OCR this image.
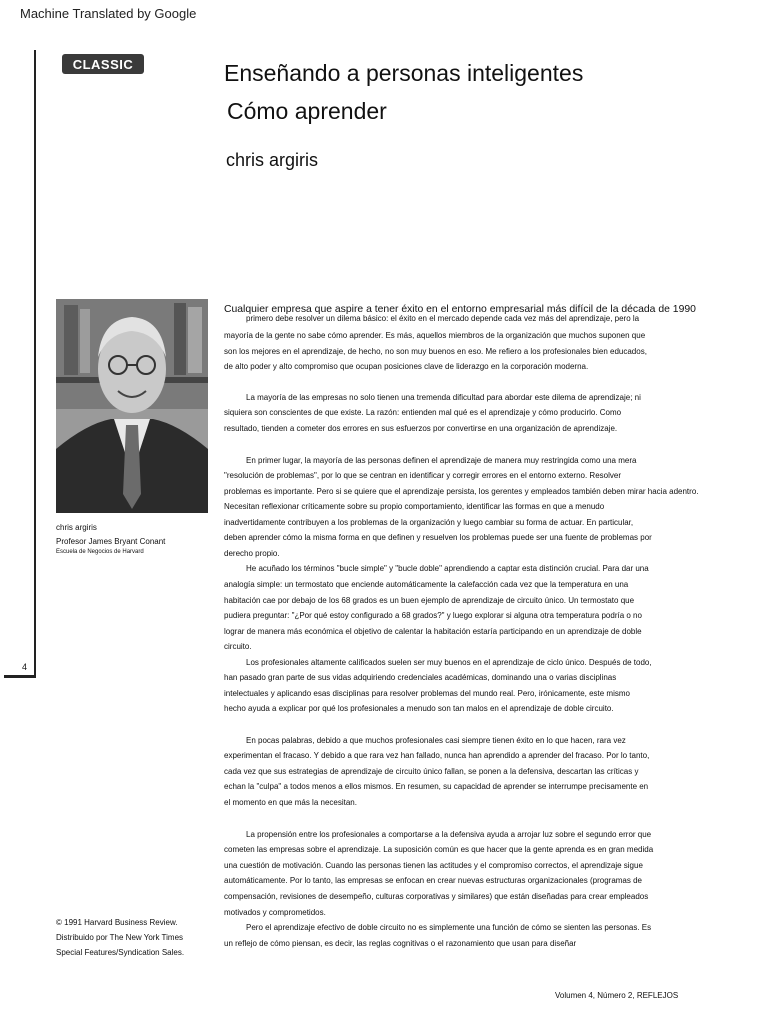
Machine Translated by Google
4
CLASSIC	Enseñando a personas inteligentes
Cómo aprender
chris argiris
chris argiris
Profesor James Bryant Conant
Escuela de Negocios de Harvard
© 1991 Harvard Business Review.
Distribuido por The New York Times
Special Features/Syndication Sales.
Cualquier empresa que aspire a tener éxito en el entorno empresarial más difícil de la década de 1990
primero debe resolver un dilema básico: el éxito en el mercado depende cada vez más del aprendizaje, pero la
mayoría de la gente no sabe cómo aprender. Es más, aquellos miembros de la organización que muchos suponen que
son los mejores en el aprendizaje, de hecho, no son muy buenos en eso. Me refiero a los profesionales bien educados,
de alto poder y alto compromiso que ocupan posiciones clave de liderazgo en la corporación moderna.
La mayoría de las empresas no solo tienen una tremenda dificultad para abordar este dilema de aprendizaje; ni
siquiera son conscientes de que existe. La razón: entienden mal qué es el aprendizaje y cómo producirlo. Como
resultado, tienden a cometer dos errores en sus esfuerzos por convertirse en una organización de aprendizaje.
En primer lugar, la mayoría de las personas definen el aprendizaje de manera muy restringida como una mera
"resolución de problemas", por lo que se centran en identificar y corregir errores en el entorno externo. Resolver
problemas es importante. Pero si se quiere que el aprendizaje persista, los gerentes y empleados también deben mirar hacia adentro.
Necesitan reflexionar críticamente sobre su propio comportamiento, identificar las formas en que a menudo
inadvertidamente contribuyen a los problemas de la organización y luego cambiar su forma de actuar. En particular,
deben aprender cómo la misma forma en que definen y resuelven los problemas puede ser una fuente de problemas por
derecho propio.
He acuñado los términos "bucle simple" y "bucle doble" aprendiendo a captar esta distinción crucial. Para dar una
analogía simple: un termostato que enciende automáticamente la calefacción cada vez que la temperatura en una
habitación cae por debajo de los 68 grados es un buen ejemplo de aprendizaje de circuito único. Un termostato que
pudiera preguntar: "¿Por qué estoy configurado a 68 grados?" y luego explorar si alguna otra temperatura podría o no
lograr de manera más económica el objetivo de calentar la habitación estaría participando en un aprendizaje de doble
circuito.
Los profesionales altamente calificados suelen ser muy buenos en el aprendizaje de ciclo único. Después de todo,
han pasado gran parte de sus vidas adquiriendo credenciales académicas, dominando una o varias disciplinas
intelectuales y aplicando esas disciplinas para resolver problemas del mundo real. Pero, irónicamente, este mismo
hecho ayuda a explicar por qué los profesionales a menudo son tan malos en el aprendizaje de doble circuito.
En pocas palabras, debido a que muchos profesionales casi siempre tienen éxito en lo que hacen, rara vez
experimentan el fracaso. Y debido a que rara vez han fallado, nunca han aprendido a aprender del fracaso. Por lo tanto,
cada vez que sus estrategias de aprendizaje de circuito único fallan, se ponen a la defensiva, descartan las críticas y
echan la "culpa" a todos menos a ellos mismos. En resumen, su capacidad de aprender se interrumpe precisamente en
el momento en que más la necesitan.
La propensión entre los profesionales a comportarse a la defensiva ayuda a arrojar luz sobre el segundo error que
cometen las empresas sobre el aprendizaje. La suposición común es que hacer que la gente aprenda es en gran medida
una cuestión de motivación. Cuando las personas tienen las actitudes y el compromiso correctos, el aprendizaje sigue
automáticamente. Por lo tanto, las empresas se enfocan en crear nuevas estructuras organizacionales (programas de
compensación, revisiones de desempeño, culturas corporativas y similares) que están diseñadas para crear empleados
motivados y comprometidos.
Pero el aprendizaje efectivo de doble circuito no es simplemente una función de cómo se sienten las personas. Es
un reflejo de cómo piensan, es decir, las reglas cognitivas o el razonamiento que usan para diseñar
Volumen 4, Número 2, REFLEJOS
